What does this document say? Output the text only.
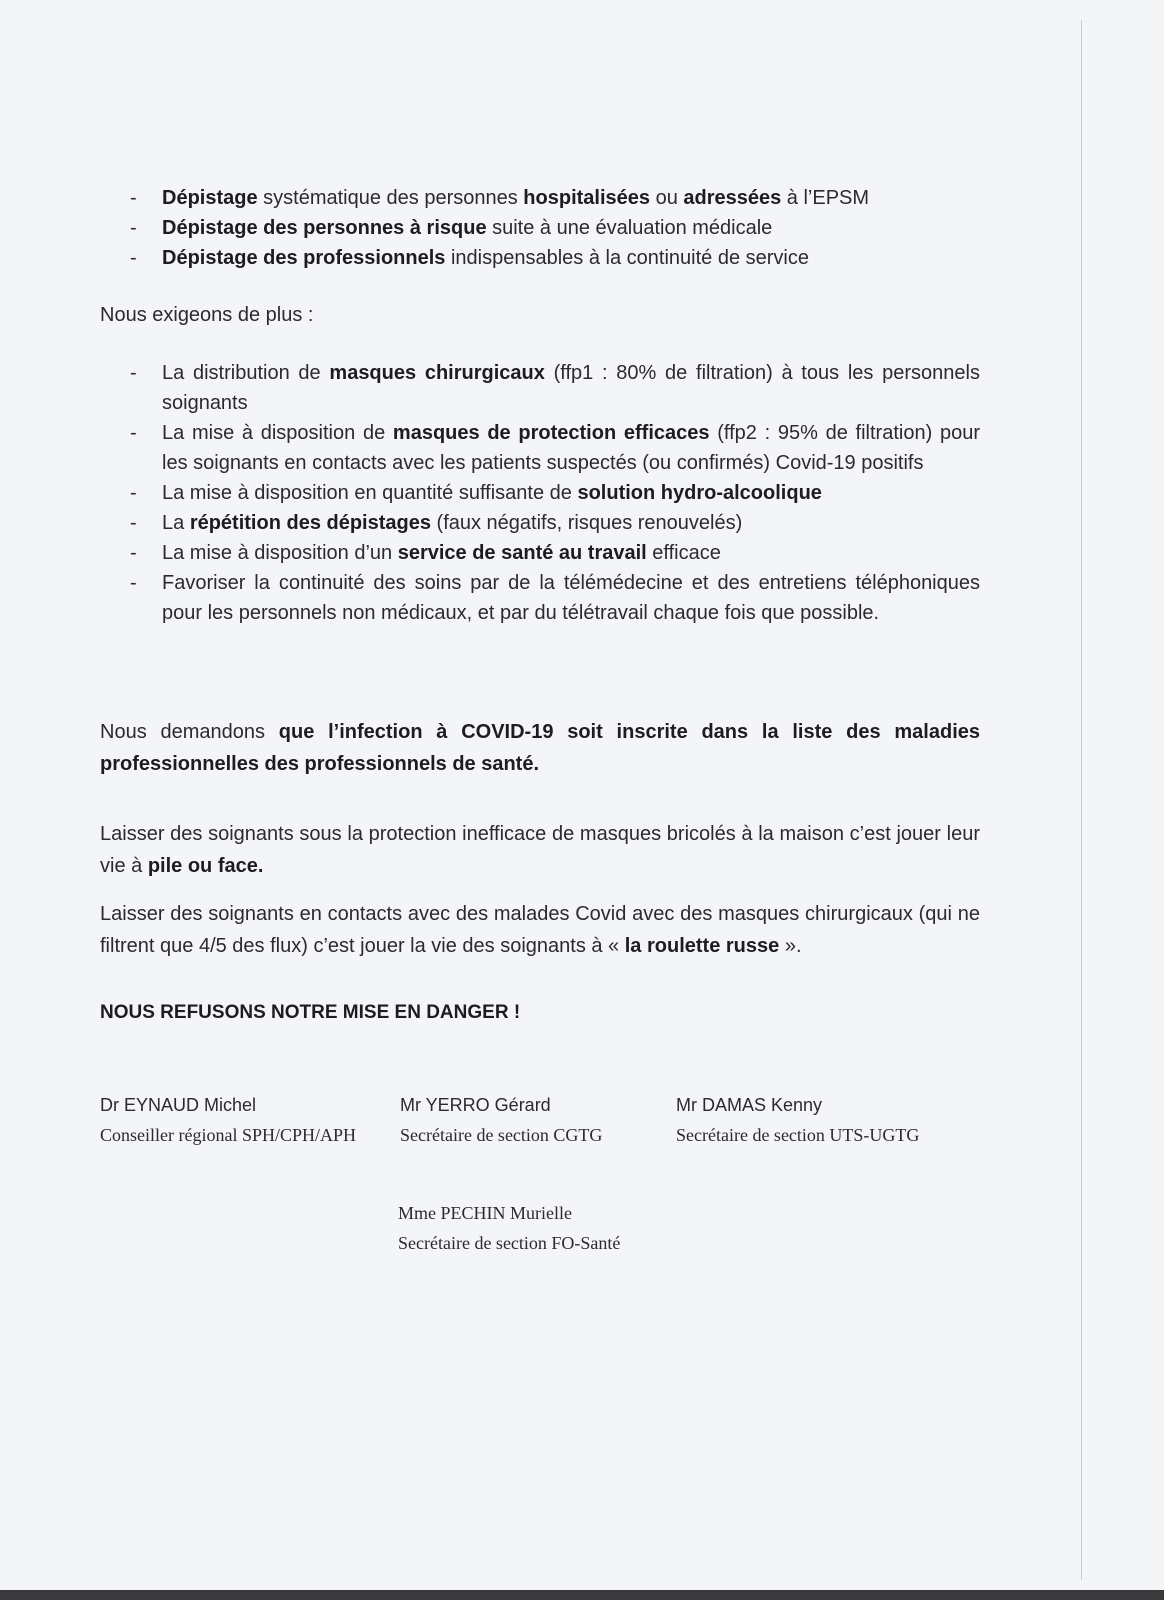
- Dépistage systématique des personnes hospitalisées ou adressées à l’EPSM
- Dépistage des personnes à risque suite à une évaluation médicale
- Dépistage des professionnels indispensables à la continuité de service
Nous exigeons de plus :
- La distribution de masques chirurgicaux (ffp1 : 80% de filtration) à tous les personnels soignants
- La mise à disposition de masques de protection efficaces (ffp2 : 95% de filtration) pour les soignants en contacts avec les patients suspectés (ou confirmés) Covid-19 positifs
- La mise à disposition en quantité suffisante de solution hydro-alcoolique
- La répétition des dépistages (faux négatifs, risques renouvelés)
- La mise à disposition d’un service de santé au travail efficace
- Favoriser la continuité des soins par de la télémédecine et des entretiens téléphoniques pour les personnels non médicaux, et par du télétravail chaque fois que possible.
Nous demandons que l’infection à COVID-19 soit inscrite dans la liste des maladies professionnelles des professionnels de santé.
Laisser des soignants sous la protection inefficace de masques bricolés à la maison c’est jouer leur vie à pile ou face.
Laisser des soignants en contacts avec des malades Covid avec des masques chirurgicaux (qui ne filtrent que 4/5 des flux) c’est jouer la vie des soignants à « la roulette russe ».
NOUS REFUSONS NOTRE MISE EN DANGER !
Dr EYNAUD Michel
Conseiller régional SPH/CPH/APH
Mr YERRO Gérard
Secrétaire de section CGTG
Mr DAMAS Kenny
Secrétaire de section UTS-UGTG
Mme PECHIN Murielle
Secrétaire de section FO-Santé
